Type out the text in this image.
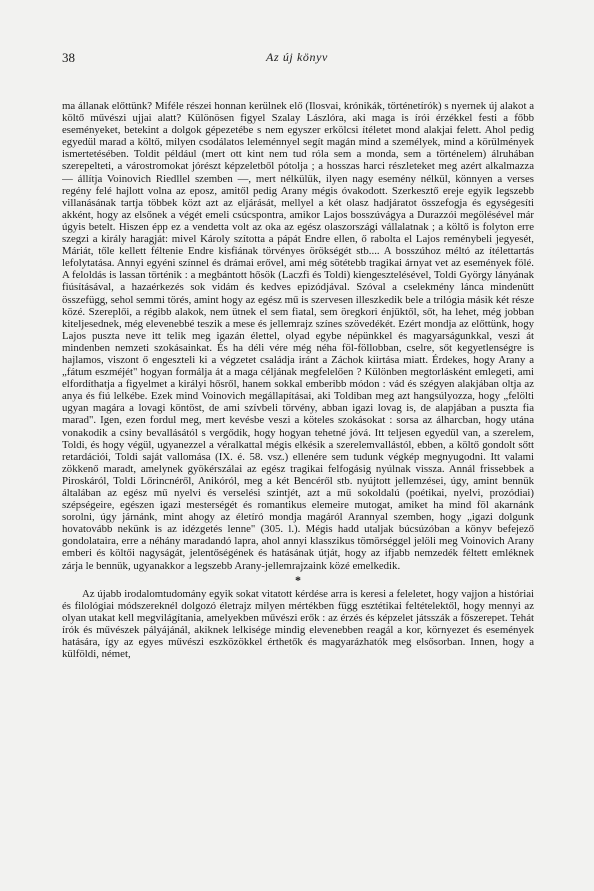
38	Az új könyv

ma állanak előttünk? Miféle részei honnan kerülnek elő (Ilosvai, krónikák, történetírók) s nyernek új alakot a költő művészi ujjai alatt? Különösen figyel Szalay Lászlóra, aki maga is írói érzékkel festi a főbb eseményeket, betekint a dolgok gépezetébe s nem egyszer erkölcsi ítéletet mond alakjai felett. Ahol pedig egyedül marad a költő, milyen csodálatos leleménnyel segít magán mind a személyek, mind a körülmények ismertetésében. Toldit például (mert ott kint nem tud róla sem a monda, sem a történelem) álruhában szerepelteti, a várostromokat jórészt képzeletből pótolja ; a hosszas harci részleteket meg azért alkalmazza — állítja Voinovich Riedllel szemben —, mert nélkülük, ilyen nagy esemény nélkül, könnyen a verses regény felé hajlott volna az eposz, amitől pedig Arany mégis óvakodott. Szerkesztő ereje egyik legszebb villanásának tartja többek közt azt az eljárását, mellyel a két olasz hadjáratot összefogja és egységesíti akként, hogy az elsőnek a végét emeli csúcspontra, amikor Lajos bosszúvágya a Durazzói megölésével már úgyis betelt. Hiszen épp ez a vendetta volt az oka az egész olaszországi vállalatnak ; a költő is folyton erre szegzi a király haragját: mivel Károly szította a pápát Endre ellen, ő rabolta el Lajos reménybeli jegyesét, Máriát, tőle kellett féltenie Endre kisfiának törvényes örökségét stb.... A bosszúhoz méltó az ítélettartás lefolytatása. Annyi egyéni színnel és drámai erővel, ami még sötétebb tragikai árnyat vet az események fölé. A feloldás is lassan történik : a megbántott hősök (Laczfi és Toldi) kiengesztelésével, Toldi György lányának fiúsításával, a hazaérkezés sok vidám és kedves epizódjával. Szóval a cselekmény lánca mindenütt összefügg, sehol semmi törés, amint hogy az egész mű is szervesen illeszkedik bele a trilógia másik két része közé. Szereplői, a régibb alakok, nem ütnek el sem fiatal, sem öregkori énjüktől, sőt, ha lehet, még jobban kiteljesednek, még elevenebbé teszik a mese és jellemrajz színes szövedékét. Ezért mondja az előttünk, hogy Lajos puszta neve itt telik meg igazán élettel, olyad egybe népünkkel és magyarságunkkal, veszi át mindenben nemzeti szokásainkat. És ha déli vére még néha föl-föllobban, cselre, sőt kegyetlenségre is hajlamos, viszont ő engeszteli ki a végzetet családja iránt a Záchok kiirtása miatt. Érdekes, hogy Arany a „fátum eszméjét" hogyan formálja át a maga céljának megfelelően ? Különben megtorlásként emlegeti, ami elfordíthatja a figyelmet a királyi hősről, hanem sokkal emberibb módon : vád és szégyen alakjában oltja az anya és fiú lelkébe. Ezek mind Voinovich megállapításai, aki Toldiban meg azt hangsúlyozza, hogy „felölti ugyan magára a lovagi köntöst, de ami szívbeli törvény, abban igazi lovag is, de alapjában a puszta fia marad". Igen, ezen fordul meg, mert kevésbe veszi a köteles szokásokat : sorsa az álharcban, hogy utána vonakodik a csiny bevallásától s vergődik, hogy hogyan tehetné jóvá. Itt teljesen egyedül van, a szerelem, Toldi, és hogy végül, ugyanezzel a véralkattal mégis elkésik a szerelemvallástól, ebben, a költő gondolt sőtt retardációi, Toldi saját vallomása (IX. é. 58. vsz.) ellenére sem tudunk végkép megnyugodni. Itt valami zökkenő maradt, amelynek gyökérszálai az egész tragikai felfogásig nyúlnak vissza. Annál frissebbek a Piroskáról, Toldi Lőrincnéről, Anikóról, meg a két Bencéről stb. nyújtott jellemzései, úgy, amint bennük általában az egész mű nyelvi és verselési szintjét, azt a mű sokoldalú (poétikai, nyelvi, prozódiai) szépségeire, egészen igazi mesterségét és romantikus elemeire mutogat, amiket ha mind föl akarnánk sorolni, úgy járnánk, mint ahogy az életíró mondja magáról Arannyal szemben, hogy „igazi dolgunk hovatovább nekünk is az idézgetés lenne" (305. l.). Mégis hadd utaljak búcsúzóban a könyv befejező gondolataira, erre a néhány maradandó lapra, ahol annyi klasszikus tömörséggel jelöli meg Voinovich Arany emberi és költői nagyságát, jelentőségének és hatásának útját, hogy az ifjabb nemzedék féltett emléknek zárja le bennük, ugyanakkor a legszebb Arany-jellemrajzaink közé emelkedik.

*

Az újabb irodalomtudomány egyik sokat vitatott kérdése arra is keresi a feleletet, hogy vajjon a históriai és filológiai módszereknél dolgozó életrajz milyen mértékben függ esztétikai feltételektől, hogy mennyi az olyan utakat kell megvilágítania, amelyekben művészi erők : az érzés és képzelet játsszák a főszerepet. Tehát írók és művészek pályájánál, akiknek lelkisége mindig elevenebben reagál a kor, környezet és események hatására, így az egyes művészi eszközökkel érthetők és magyarázhatók meg elsősorban. Innen, hogy a külföldi, német,
